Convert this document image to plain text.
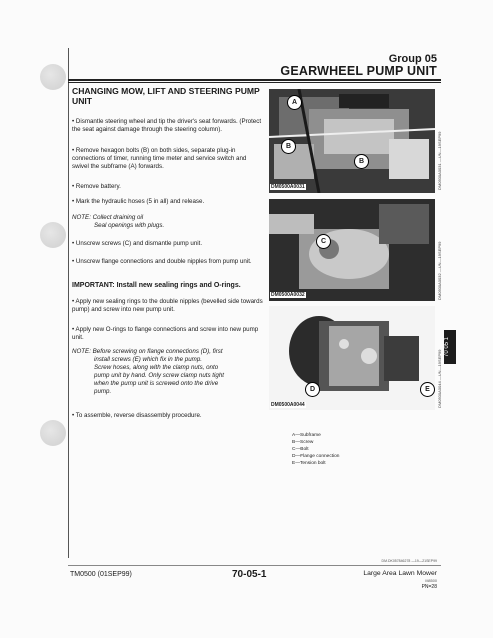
Group 05
GEARWHEEL PUMP UNIT
CHANGING MOW, LIFT AND STEERING PUMP UNIT
• Dismantle steering wheel and tip the driver's seat forwards. (Protect the seat against damage through the steering column).
• Remove hexagon bolts (B) on both sides, separate plug-in connections of timer, running time meter and service switch and swivel the subframe (A) forwards.
• Remove battery.
• Mark the hydraulic hoses (5 in all) and release.
NOTE: Collect draining oil
Seal openings with plugs.
• Unscrew screws (C) and dismantle pump unit.
• Unscrew flange connections and double nipples from pump unit.
IMPORTANT: Install new sealing rings and O-rings.
• Apply new sealing rings to the double nipples (bevelled side towards pump) and screw into new pump unit.
• Apply new O-rings to flange connections and screw into new pump unit.
NOTE: Before screwing on flange connections (D), first
install screws (E) which fix in the pump.
Screw hoses, along with the clamp nuts, onto
pump unit by hand. Only screw clamp nuts tight
when the pump unit is screwed onto the drive
pump.
• To assemble, reverse disassembly procedure.
A
B
B
DM0500A0031	DM0500A0031 —UN—19SEP99
C
DM0500A0032	DM0500A0032 —UN—19SEP99
D	E
DM0500A0044	DM0500A0044 —UN—19SEP99
A—Subframe
B—Screw
C—Bolt
D—Flange connection
E—Tension bolt
70 05 1
DM.DK057846278 —19—21SEP99
TM0500 (01SEP99)	70-05-1	Large Area Lawn Mower
M8500
PN=28
